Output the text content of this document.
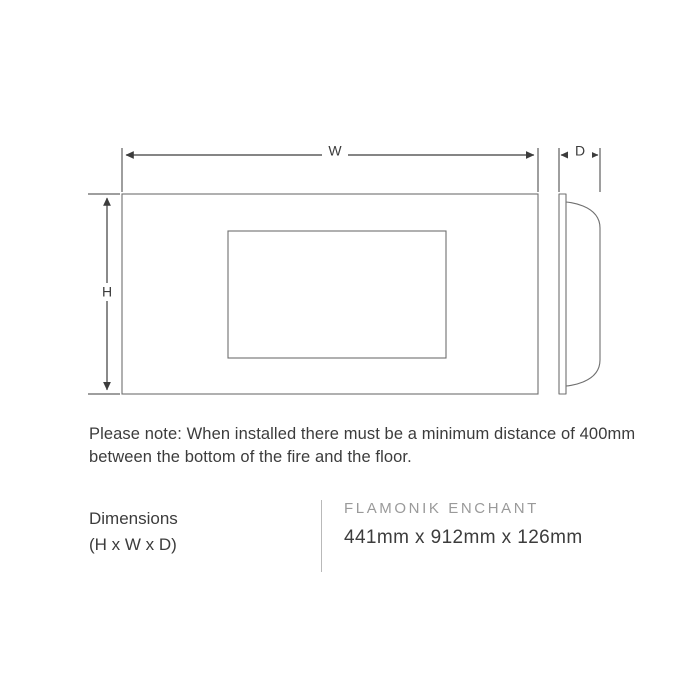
W	D
H
Please note: When installed there must be a minimum distance of 400mm between the bottom of the fire and the floor.
Dimensions
(H x W x D)
FLAMONIK ENCHANT
441mm x 912mm x 126mm
